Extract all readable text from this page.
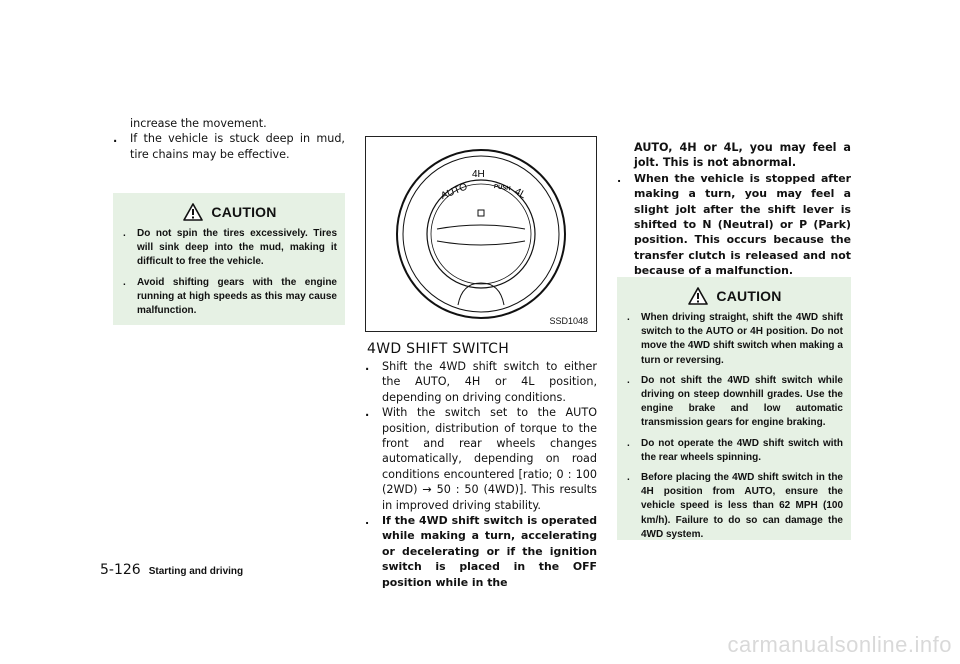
increase the movement.

. If the vehicle is stuck deep in mud, tire chains may be effective.
CAUTION
. Do not spin the tires excessively. Tires will sink deep into the mud, making it difficult to free the vehicle.
. Avoid shifting gears with the engine running at high speeds as this may cause malfunction.
AUTO
4H
PUSH 4L
SSD1048
4WD SHIFT SWITCH
. Shift the 4WD shift switch to either the AUTO, 4H or 4L position, depending on driving conditions.
. With the switch set to the AUTO position, distribution of torque to the front and rear wheels changes automatically, depending on road conditions encountered [ratio; 0 : 100 (2WD) → 50 : 50 (4WD)]. This results in improved driving stability.
. If the 4WD shift switch is operated while making a turn, accelerating or decelerating or if the ignition switch is placed in the OFF position while in the

AUTO, 4H or 4L, you may feel a jolt. This is not abnormal.

. When the vehicle is stopped after making a turn, you may feel a slight jolt after the shift lever is shifted to N (Neutral) or P (Park) position. This occurs because the transfer clutch is released and not because of a malfunction.
CAUTION
. When driving straight, shift the 4WD shift switch to the AUTO or 4H position. Do not move the 4WD shift switch when making a turn or reversing.
. Do not shift the 4WD shift switch while driving on steep downhill grades. Use the engine brake and low automatic transmission gears for engine braking.
. Do not operate the 4WD shift switch with the rear wheels spinning.
. Before placing the 4WD shift switch in the 4H position from AUTO, ensure the vehicle speed is less than 62 MPH (100 km/h). Failure to do so can damage the 4WD system.
5-126 Starting and driving
carmanualsonline.info
